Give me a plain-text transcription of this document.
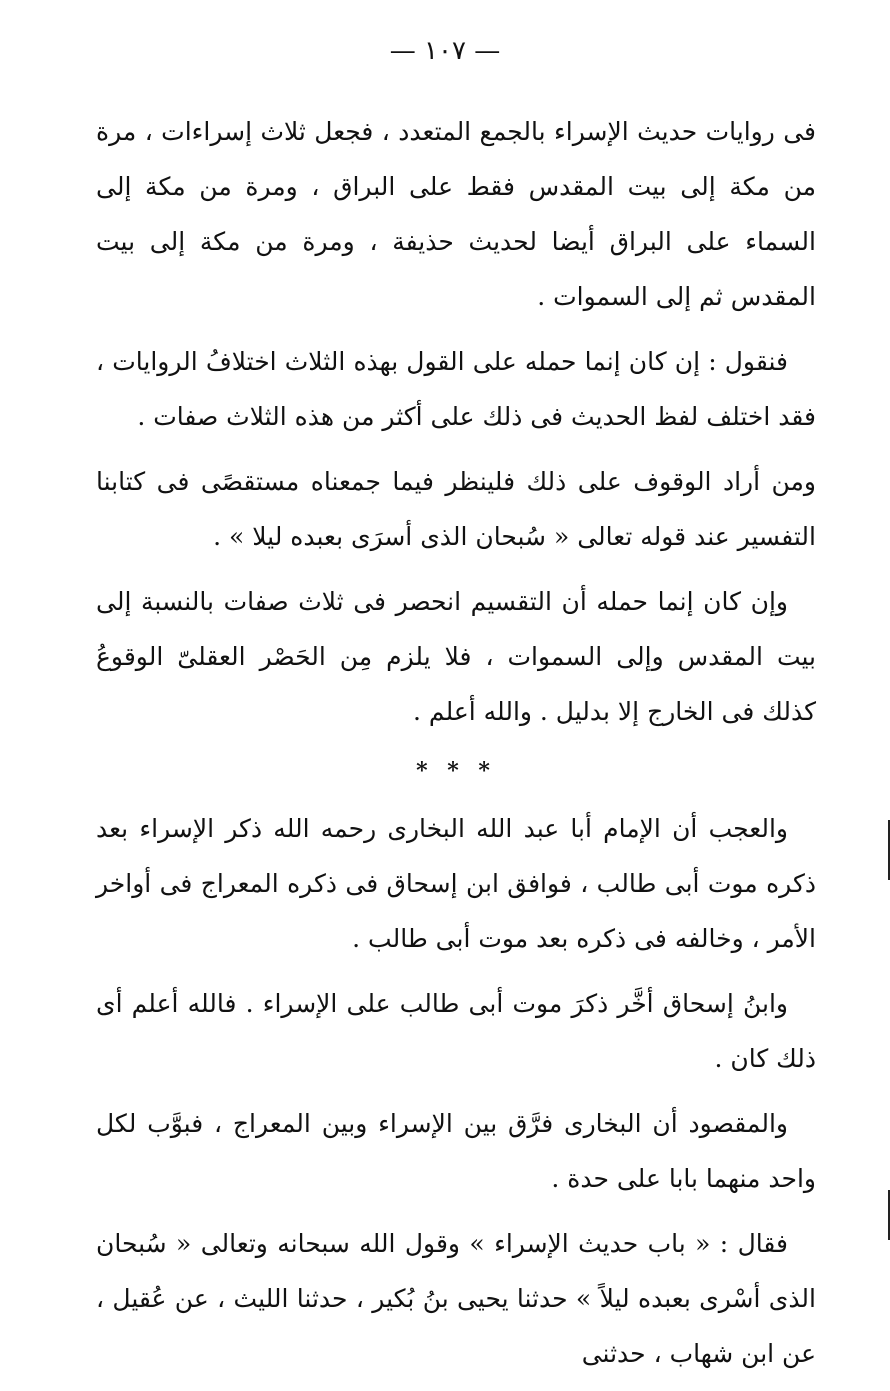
— ١٠٧ —

فى روايات حديث الإسراء بالجمع المتعدد ، فجعل ثلاث إسراءات ، مرة من مكة إلى بيت المقدس فقط على البراق ، ومرة من مكة إلى السماء على البراق أيضا لحديث حذيفة ، ومرة من مكة إلى بيت المقدس ثم إلى السموات .

فنقول : إن كان إنما حمله على القول بهذه الثلاث اختلافُ الروايات ، فقد اختلف لفظ الحديث فى ذلك على أكثر من هذه الثلاث صفات .

ومن أراد الوقوف على ذلك فلينظر فيما جمعناه مستقصًى فى كتابنا التفسير عند قوله تعالى « سُبحان الذى أسرَى بعبده ليلا » .

وإن كان إنما حمله أن التقسيم انحصر فى ثلاث صفات بالنسبة إلى بيت المقدس وإلى السموات ، فلا يلزم مِن الحَصْر العقلىّ الوقوعُ كذلك فى الخارج إلا بدليل . والله أعلم .

* * *

والعجب أن الإمام أبا عبد الله البخارى رحمه الله ذكر الإسراء بعد ذكره موت أبى طالب ، فوافق ابن إسحاق فى ذكره المعراج فى أواخر الأمر ، وخالفه فى ذكره بعد موت أبى طالب .

وابنُ إسحاق أخَّر ذكرَ موت أبى طالب على الإسراء . فالله أعلم أى ذلك كان .

والمقصود أن البخارى فرَّق بين الإسراء وبين المعراج ، فبوَّب لكل واحد منهما بابا على حدة .

فقال : « باب حديث الإسراء » وقول الله سبحانه وتعالى « سُبحان الذى أسْرى بعبده ليلاً » حدثنا يحيى بنُ بُكير ، حدثنا الليث ، عن عُقيل ، عن ابن شهاب ، حدثنى
